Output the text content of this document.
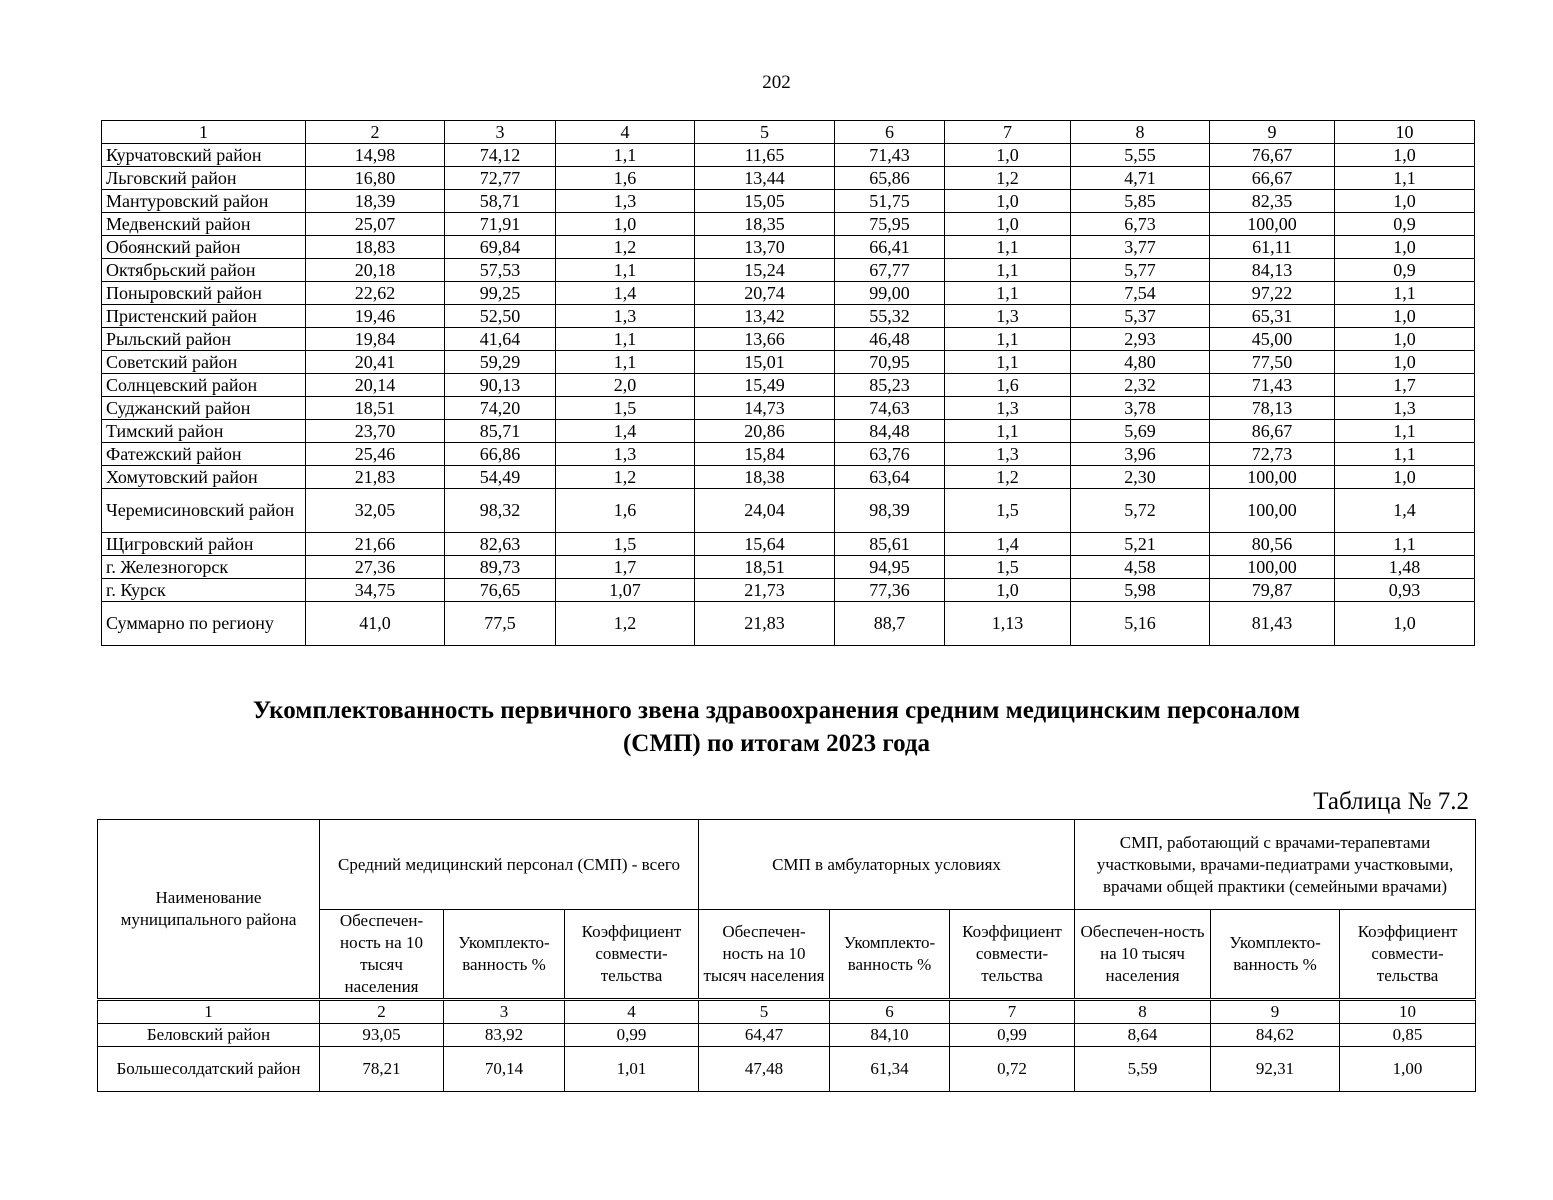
202
1	2	3	4	5	6	7	8	9	10
Курчатовский район	14,98	74,12	1,1	11,65	71,43	1,0	5,55	76,67	1,0
Льговский район	16,80	72,77	1,6	13,44	65,86	1,2	4,71	66,67	1,1
Мантуровский район	18,39	58,71	1,3	15,05	51,75	1,0	5,85	82,35	1,0
Медвенский район	25,07	71,91	1,0	18,35	75,95	1,0	6,73	100,00	0,9
Обоянский район	18,83	69,84	1,2	13,70	66,41	1,1	3,77	61,11	1,0
Октябрьский район	20,18	57,53	1,1	15,24	67,77	1,1	5,77	84,13	0,9
Поныровский район	22,62	99,25	1,4	20,74	99,00	1,1	7,54	97,22	1,1
Пристенский район	19,46	52,50	1,3	13,42	55,32	1,3	5,37	65,31	1,0
Рыльский район	19,84	41,64	1,1	13,66	46,48	1,1	2,93	45,00	1,0
Советский район	20,41	59,29	1,1	15,01	70,95	1,1	4,80	77,50	1,0
Солнцевский район	20,14	90,13	2,0	15,49	85,23	1,6	2,32	71,43	1,7
Суджанский район	18,51	74,20	1,5	14,73	74,63	1,3	3,78	78,13	1,3
Тимский район	23,70	85,71	1,4	20,86	84,48	1,1	5,69	86,67	1,1
Фатежский район	25,46	66,86	1,3	15,84	63,76	1,3	3,96	72,73	1,1
Хомутовский район	21,83	54,49	1,2	18,38	63,64	1,2	2,30	100,00	1,0
Черемисиновский район	32,05	98,32	1,6	24,04	98,39	1,5	5,72	100,00	1,4
Щигровский район	21,66	82,63	1,5	15,64	85,61	1,4	5,21	80,56	1,1
г. Железногорск	27,36	89,73	1,7	18,51	94,95	1,5	4,58	100,00	1,48
г. Курск	34,75	76,65	1,07	21,73	77,36	1,0	5,98	79,87	0,93
Суммарно по региону	41,0	77,5	1,2	21,83	88,7	1,13	5,16	81,43	1,0
Укомплектованность первичного звена здравоохранения средним медицинским персоналом
(СМП) по итогам 2023 года
Таблица № 7.2
Наименование муниципального района	Средний медицинский персонал (СМП) - всего			СМП в амбулаторных условиях			СМП, работающий с врачами-терапевтами участковыми, врачами-педиатрами участковыми, врачами общей практики (семейными врачами)		
	Обеспечен-ность на 10 тысяч населения	Укомплекто-ванность %	Коэффициент совмести-тельства	Обеспечен-ность на 10 тысяч населения	Укомплекто-ванность %	Коэффициент совмести-тельства	Обеспечен-ность на 10 тысяч населения	Укомплекто-ванность %	Коэффициент совмести-тельства
1	2	3	4	5	6	7	8	9	10
Беловский район	93,05	83,92	0,99	64,47	84,10	0,99	8,64	84,62	0,85
Большесолдатский район	78,21	70,14	1,01	47,48	61,34	0,72	5,59	92,31	1,00
